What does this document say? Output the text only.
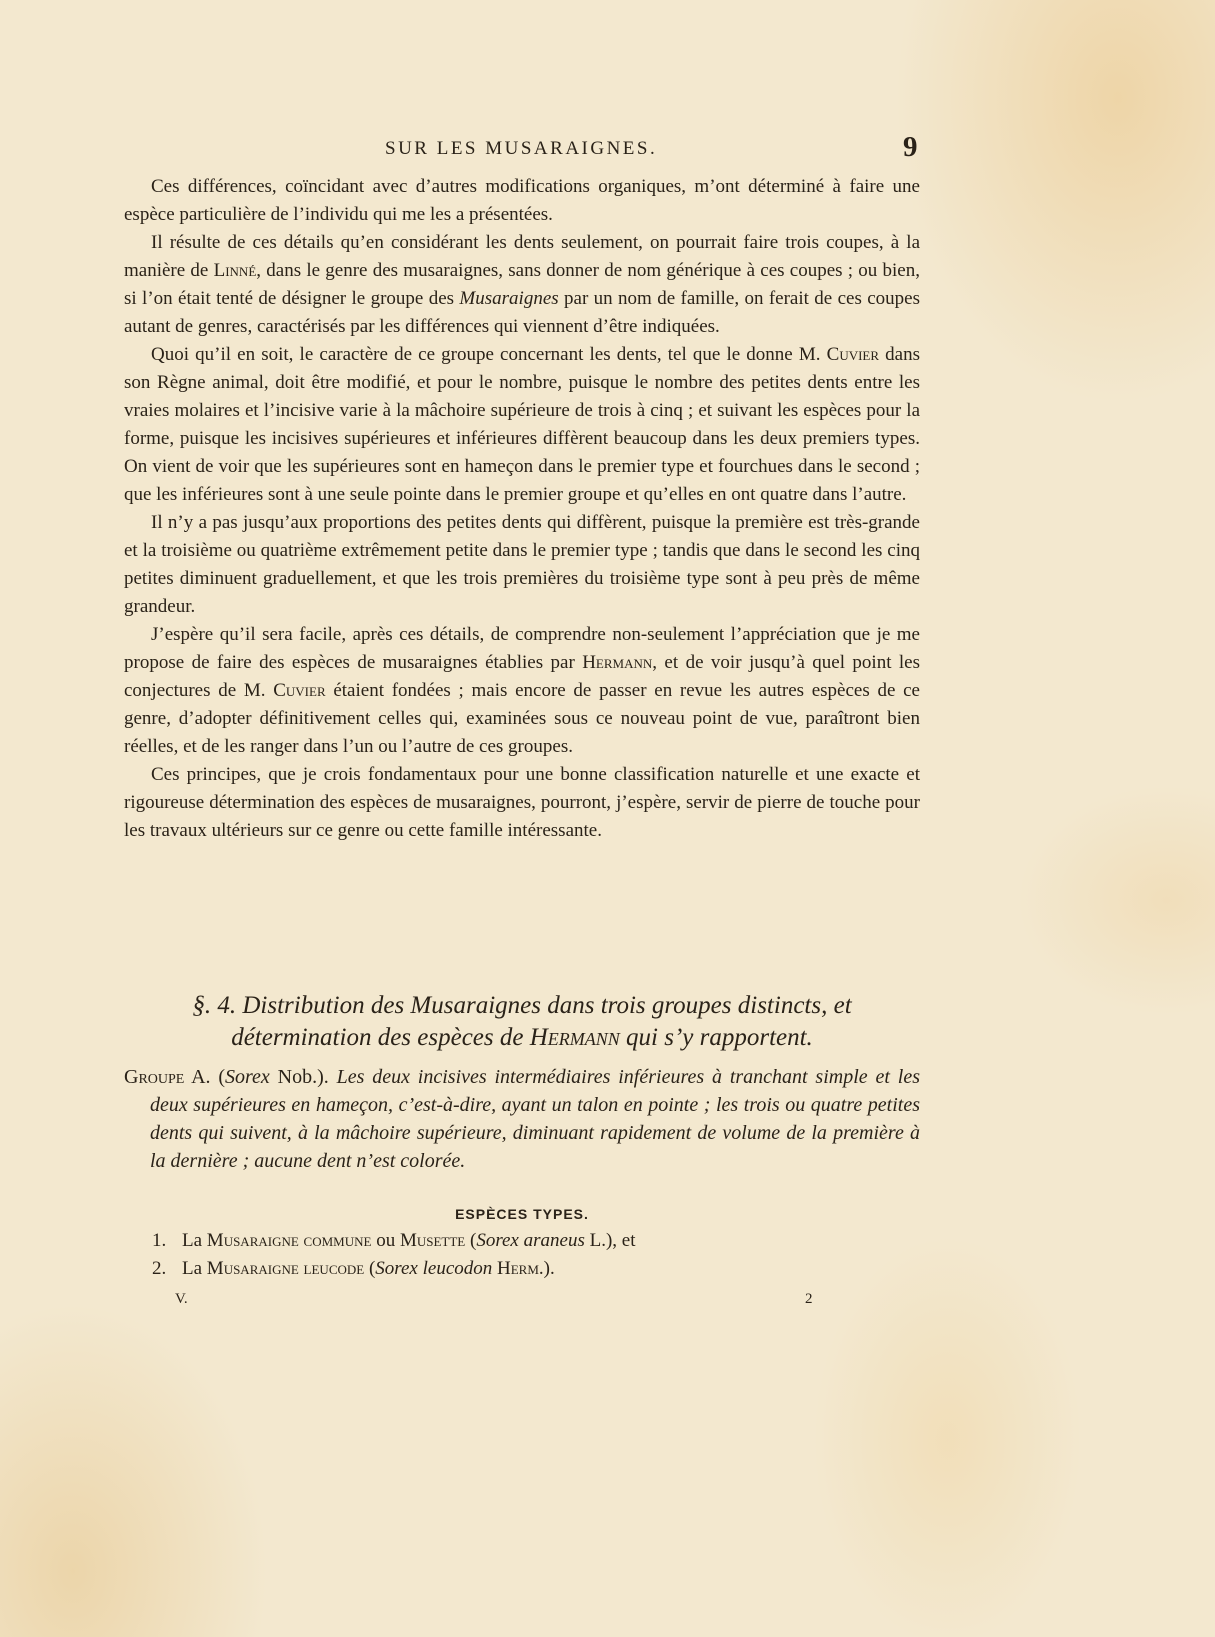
SUR LES MUSARAIGNES.	9

Ces différences, coïncidant avec d’autres modifications organiques, m’ont déterminé à faire une espèce particulière de l’individu qui me les a présentées.

Il résulte de ces détails qu’en considérant les dents seulement, on pourrait faire trois coupes, à la manière de Linné, dans le genre des musaraignes, sans donner de nom générique à ces coupes ; ou bien, si l’on était tenté de désigner le groupe des Musaraignes par un nom de famille, on ferait de ces coupes autant de genres, caractérisés par les différences qui viennent d’être indiquées.

Quoi qu’il en soit, le caractère de ce groupe concernant les dents, tel que le donne M. Cuvier dans son Règne animal, doit être modifié, et pour le nombre, puisque le nombre des petites dents entre les vraies molaires et l’incisive varie à la mâchoire supérieure de trois à cinq ; et suivant les espèces pour la forme, puisque les incisives supérieures et inférieures diffèrent beaucoup dans les deux premiers types. On vient de voir que les supérieures sont en hameçon dans le premier type et fourchues dans le second ; que les inférieures sont à une seule pointe dans le premier groupe et qu’elles en ont quatre dans l’autre.

Il n’y a pas jusqu’aux proportions des petites dents qui diffèrent, puisque la première est très-grande et la troisième ou quatrième extrêmement petite dans le premier type ; tandis que dans le second les cinq petites diminuent graduellement, et que les trois premières du troisième type sont à peu près de même grandeur.

J’espère qu’il sera facile, après ces détails, de comprendre non-seulement l’appréciation que je me propose de faire des espèces de musaraignes établies par Hermann, et de voir jusqu’à quel point les conjectures de M. Cuvier étaient fondées ; mais encore de passer en revue les autres espèces de ce genre, d’adopter définitivement celles qui, examinées sous ce nouveau point de vue, paraîtront bien réelles, et de les ranger dans l’un ou l’autre de ces groupes.

Ces principes, que je crois fondamentaux pour une bonne classification naturelle et une exacte et rigoureuse détermination des espèces de musaraignes, pourront, j’espère, servir de pierre de touche pour les travaux ultérieurs sur ce genre ou cette famille intéressante.

§. 4. Distribution des Musaraignes dans trois groupes distincts, et détermination des espèces de Hermann qui s’y rapportent.
Groupe A. (Sorex Nob.). Les deux incisives intermédiaires inférieures à tranchant simple et les deux supérieures en hameçon, c’est-à-dire, ayant un talon en pointe ; les trois ou quatre petites dents qui suivent, à la mâchoire supérieure, diminuant rapidement de volume de la première à la dernière ; aucune dent n’est colorée.
ESPÈCES TYPES.
1. La Musaraigne commune ou Musette (Sorex araneus L.), et
2. La Musaraigne leucode (Sorex leucodon Herm.).
V.	2
